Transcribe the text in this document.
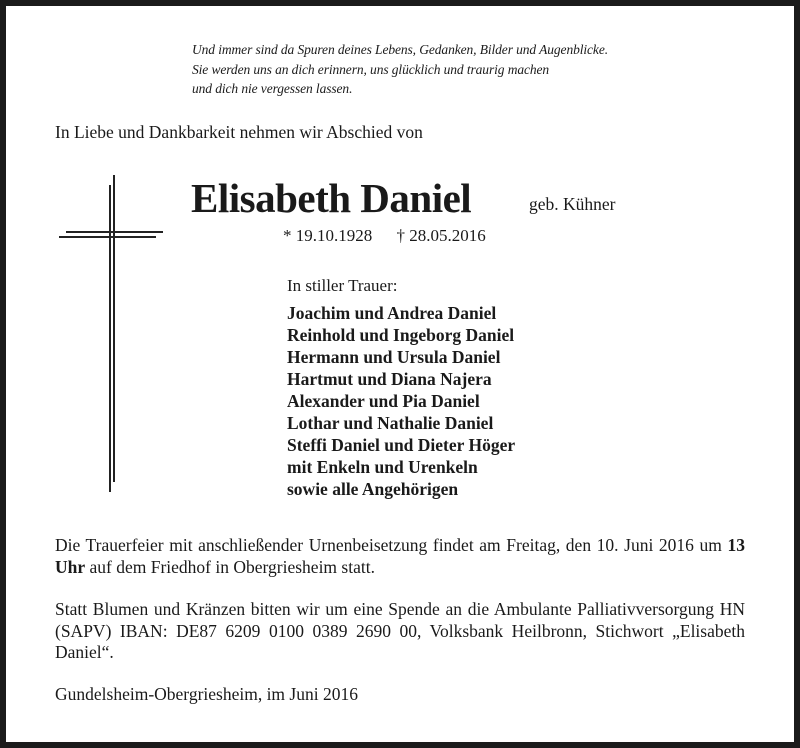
Und immer sind da Spuren deines Lebens, Gedanken, Bilder und Augenblicke.
Sie werden uns an dich erinnern, uns glücklich und traurig machen
und dich nie vergessen lassen.
In Liebe und Dankbarkeit nehmen wir Abschied von
Elisabeth Daniel	geb. Kühner
* 19.10.1928 † 28.05.2016
In stiller Trauer:
Joachim und Andrea Daniel
Reinhold und Ingeborg Daniel
Hermann und Ursula Daniel
Hartmut und Diana Najera
Alexander und Pia Daniel
Lothar und Nathalie Daniel
Steffi Daniel und Dieter Höger
mit Enkeln und Urenkeln
sowie alle Angehörigen
Die Trauerfeier mit anschließender Urnenbeisetzung findet am Freitag, den 10. Juni 2016 um 13 Uhr auf dem Friedhof in Obergriesheim statt.
Statt Blumen und Kränzen bitten wir um eine Spende an die Ambulante Palliativversorgung HN (SAPV) IBAN: DE87 6209 0100 0389 2690 00, Volksbank Heilbronn, Stichwort „Elisabeth Daniel“.
Gundelsheim-Obergriesheim, im Juni 2016
